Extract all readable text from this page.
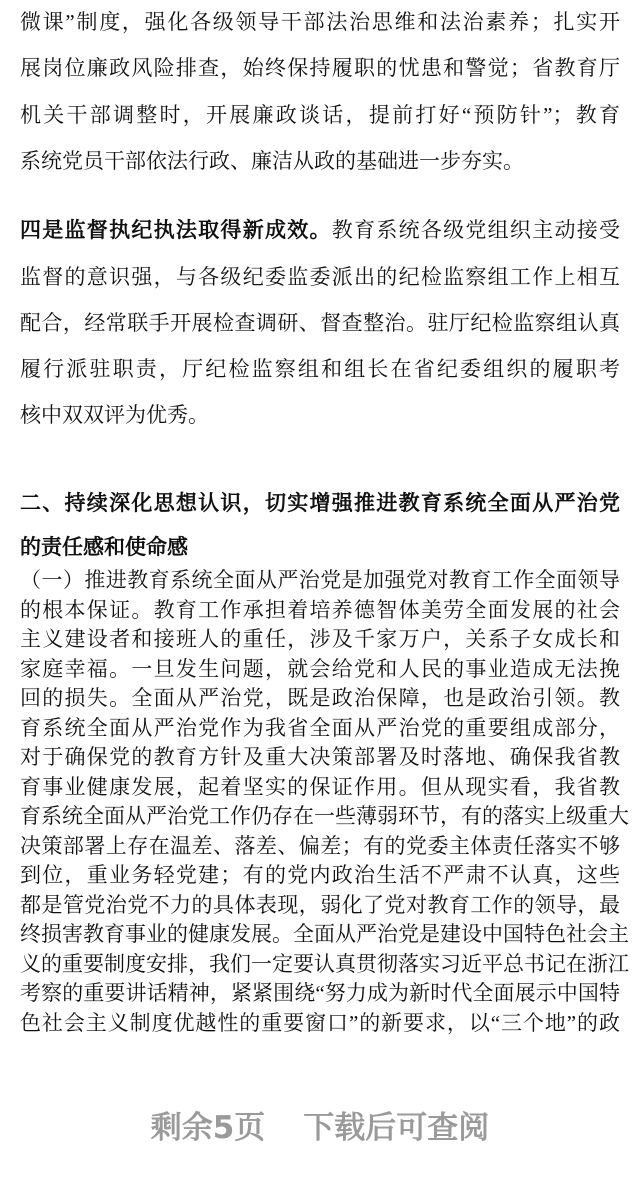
微课”制度，强化各级领导干部法治思维和法治素养；扎实开
展岗位廉政风险排查，始终保持履职的忧患和警觉；省教育厅
机关干部调整时，开展廉政谈话，提前打好“预防针”；教育
系统党员干部依法行政、廉洁从政的基础进一步夯实。
四是监督执纪执法取得新成效。教育系统各级党组织主动接受
监督的意识强，与各级纪委监委派出的纪检监察组工作上相互
配合，经常联手开展检查调研、督查整治。驻厅纪检监察组认真
履行派驻职责，厅纪检监察组和组长在省纪委组织的履职考
核中双双评为优秀。
二、持续深化思想认识，切实增强推进教育系统全面从严治党
的责任感和使命感
（一）推进教育系统全面从严治党是加强党对教育工作全面领导
的根本保证。教育工作承担着培养德智体美劳全面发展的社会
主义建设者和接班人的重任，涉及千家万户，关系子女成长和
家庭幸福。一旦发生问题，就会给党和人民的事业造成无法挽
回的损失。全面从严治党，既是政治保障，也是政治引领。教
育系统全面从严治党作为我省全面从严治党的重要组成部分，
对于确保党的教育方针及重大决策部署及时落地、确保我省教
育事业健康发展，起着坚实的保证作用。但从现实看，我省教
育系统全面从严治党工作仍存在一些薄弱环节，有的落实上级重大
决策部署上存在温差、落差、偏差；有的党委主体责任落实不够
到位，重业务轻党建；有的党内政治生活不严肃不认真，这些
都是管党治党不力的具体表现，弱化了党对教育工作的领导，最
终损害教育事业的健康发展。全面从严治党是建设中国特色社会主
义的重要制度安排，我们一定要认真贯彻落实习近平总书记在浙江
考察的重要讲话精神，紧紧围绕“努力成为新时代全面展示中国特
色社会主义制度优越性的重要窗口”的新要求，以“三个地”的政
剩余5页 下载后可查阅
